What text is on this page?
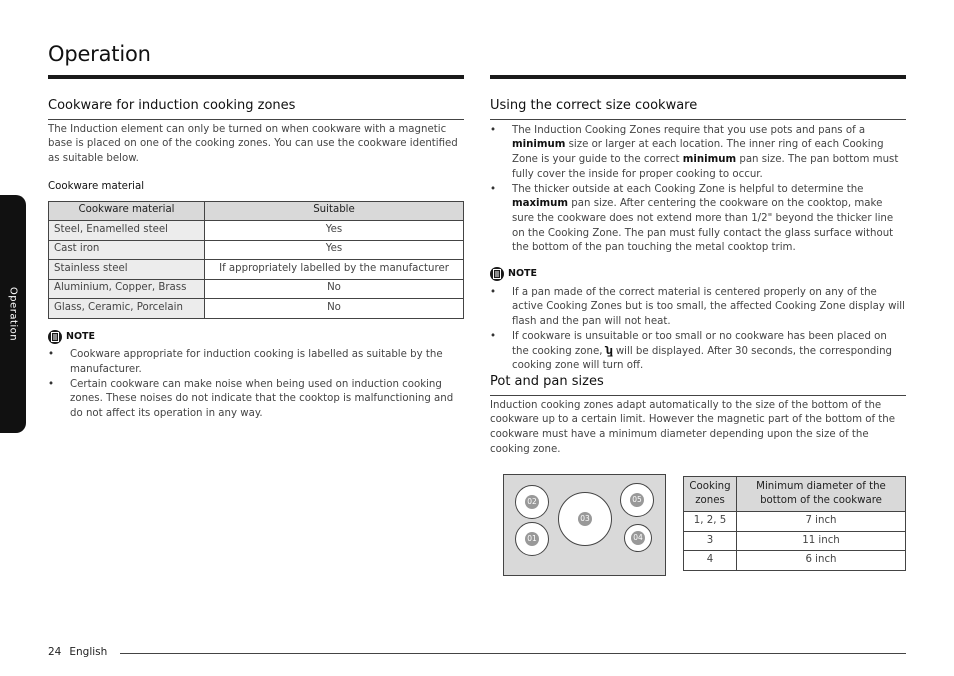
Operation
Operation
Cookware for induction cooking zones

The Induction element can only be turned on when cookware with a magnetic base is placed on one of the cooking zones. You can use the cookware identified as suitable below.

Cookware material

Cookware material	Suitable
Steel, Enamelled steel	Yes
Cast iron	Yes
Stainless steel	If appropriately labelled by the manufacturer
Aluminium, Copper, Brass	No
Glass, Ceramic, Porcelain	No
NOTE
• Cookware appropriate for induction cooking is labelled as suitable by the manufacturer.
• Certain cookware can make noise when being used on induction cooking zones. These noises do not indicate that the cooktop is malfunctioning and do not affect its operation in any way.
Using the correct size cookware
• The Induction Cooking Zones require that you use pots and pans of a minimum size or larger at each location. The inner ring of each Cooking Zone is your guide to the correct minimum pan size. The pan bottom must fully cover the inside for proper cooking to occur.
• The thicker outside at each Cooking Zone is helpful to determine the maximum pan size. After centering the cookware on the cooktop, make sure the cookware does not extend more than 1/2" beyond the thicker line on the Cooking Zone. The pan must fully contact the glass surface without the bottom of the pan touching the metal cooktop trim.
NOTE
• If a pan made of the correct material is centered properly on any of the active Cooking Zones but is too small, the affected Cooking Zone display will flash and the pan will not heat.
• If cookware is unsuitable or too small or no cookware has been placed on the cooking zone, ʮ̲ will be displayed. After 30 seconds, the corresponding cooking zone will turn off.
Pot and pan sizes

Induction cooking zones adapt automatically to the size of the bottom of the cookware up to a certain limit. However the magnetic part of the bottom of the cookware must have a minimum diameter depending upon the size of the cooking zone.

02	05
03
01	04
Cooking zones	Minimum diameter of the bottom of the cookware
1, 2, 5	7 inch
3	11 inch
4	6 inch
24 English
